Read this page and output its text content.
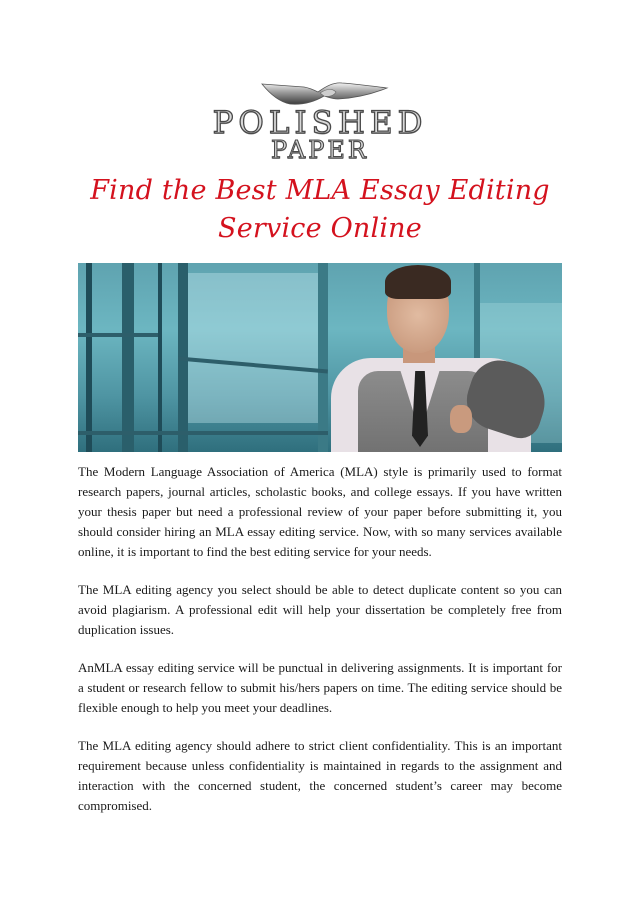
POLISHED
PAPER
Find the Best MLA Essay Editing
Service Online

The Modern Language Association of America (MLA) style is primarily used to format research papers, journal articles, scholastic books, and college essays. If you have written your thesis paper but need a professional review of your paper before submitting it, you should consider hiring an MLA essay editing service. Now, with so many services available online, it is important to find the best editing service for your needs.

The MLA editing agency you select should be able to detect duplicate content so you can avoid plagiarism. A professional edit will help your dissertation be completely free from duplication issues.

AnMLA essay editing service will be punctual in delivering assignments. It is important for a student or research fellow to submit his/hers papers on time. The editing service should be flexible enough to help you meet your deadlines.

The MLA editing agency should adhere to strict client confidentiality. This is an important requirement because unless confidentiality is maintained in regards to the assignment and interaction with the concerned student, the concerned student’s career may become compromised.
